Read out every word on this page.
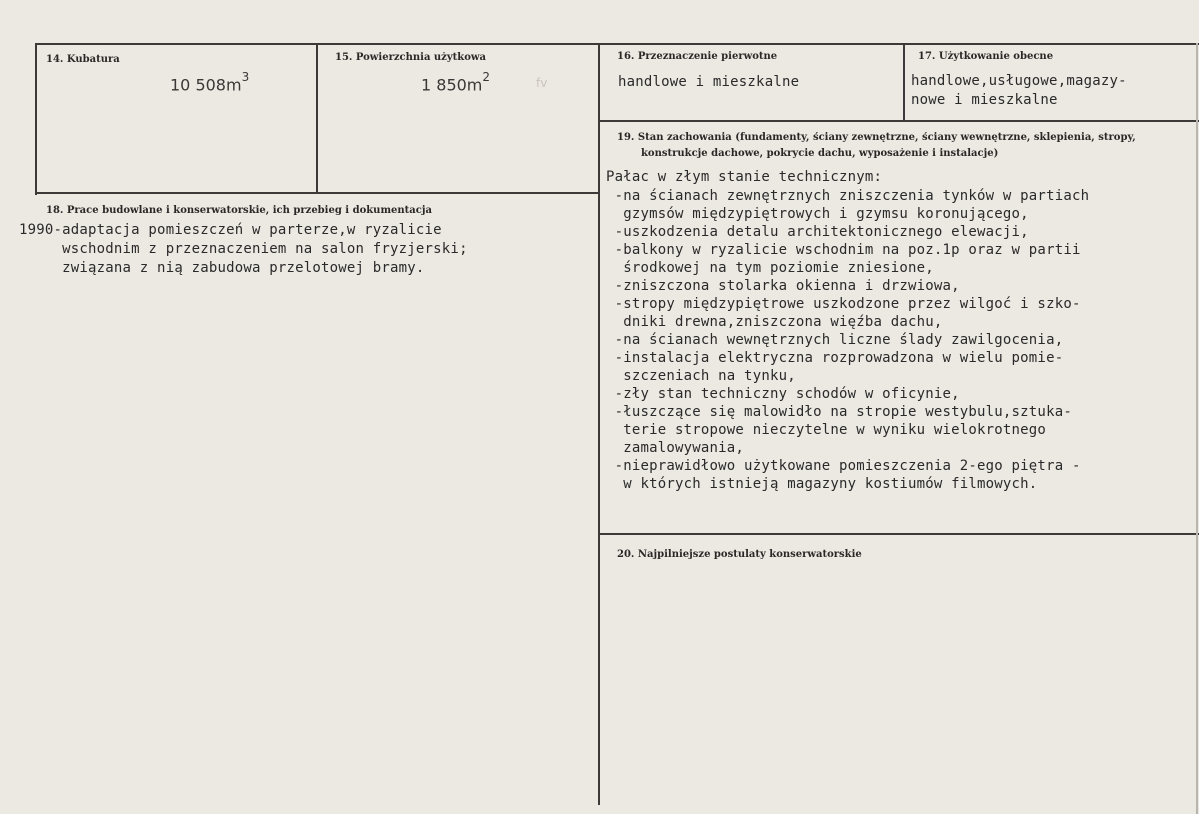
14. Kubatura
10 $508m^3$
15. Powierzchnia użytkowa
1 $850m^2$	fv
16. Przeznaczenie pierwotne
handlowe i mieszkalne
17. Użytkowanie obecne
handlowe,usługowe,magazy-
nowe i mieszkalne
18. Prace budowlane i konserwatorskie, ich przebieg i dokumentacja
1990-adaptacja pomieszczeń w parterze,w ryzalicie
wschodnim z przeznaczeniem na salon fryzjerski;
związana z nią zabudowa przelotowej bramy.
19. Stan zachowania (fundamenty, ściany zewnętrzne, ściany wewnętrzne, sklepienia, stropy,
konstrukcje dachowe, pokrycie dachu, wyposażenie i instalacje)
Pałac w złym stanie technicznym:
-na ścianach zewnętrznych zniszczenia tynków w partiach
gzymsów międzypiętrowych i gzymsu koronującego,
-uszkodzenia detalu architektonicznego elewacji,
-balkony w ryzalicie wschodnim na poz.1p oraz w partii
środkowej na tym poziomie zniesione,
-zniszczona stolarka okienna i drzwiowa,
-stropy międzypiętrowe uszkodzone przez wilgoć i szko-
dniki drewna,zniszczona więźba dachu,
-na ścianach wewnętrznych liczne ślady zawilgocenia,
-instalacja elektryczna rozprowadzona w wielu pomie-
szczeniach na tynku,
-zły stan techniczny schodów w oficynie,
-łuszczące się malowidło na stropie westybulu,sztuka-
terie stropowe nieczytelne w wyniku wielokrotnego
zamalowywania,
-nieprawidłowo użytkowane pomieszczenia 2-ego piętra -
w których istnieją magazyny kostiumów filmowych.
20. Najpilniejsze postulaty konserwatorskie
